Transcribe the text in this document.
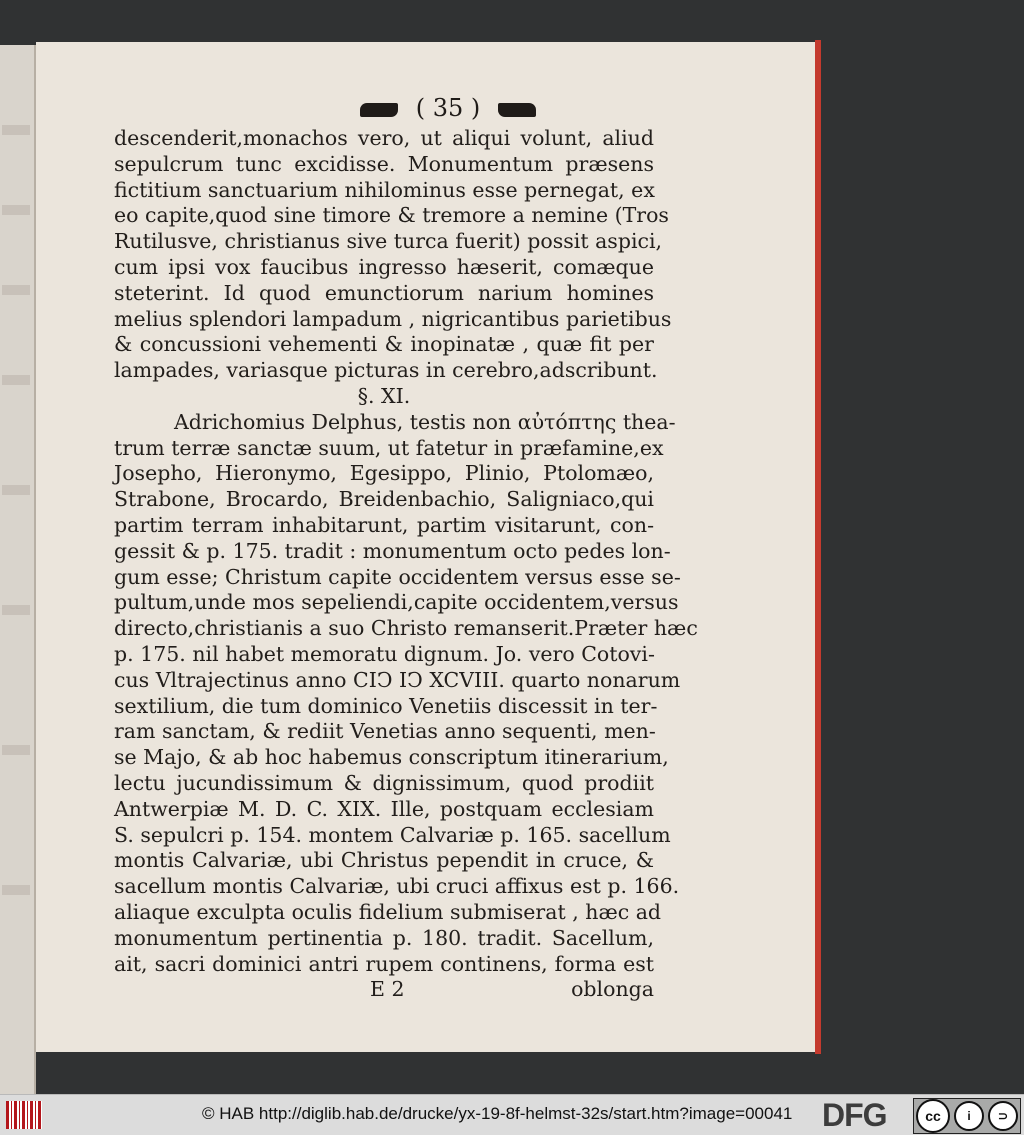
( 35 )
descenderit,monachos vero, ut aliqui volunt, aliud
sepulcrum tunc excidisse. Monumentum præsens
fictitium sanctuarium nihilominus esse pernegat, ex
eo capite,quod sine timore & tremore a nemine (Tros
Rutilusve, christianus sive turca fuerit) possit aspici,
cum ipsi vox faucibus ingresso hæserit, comæque
steterint. Id quod emunctiorum narium homines
melius splendori lampadum , nigricantibus parietibus
& concussioni vehementi & inopinatæ , quæ fit per
lampades, variasque picturas in cerebro,adscribunt.
§. XI.
Adrichomius Delphus, testis non αὐτόπτης thea-
trum terræ sanctæ suum, ut fatetur in præfamine,ex
Josepho, Hieronymo, Egesippo, Plinio, Ptolomæo,
Strabone, Brocardo, Breidenbachio, Saligniaco,qui
partim terram inhabitarunt, partim visitarunt, con-
gessit & p. 175. tradit : monumentum octo pedes lon-
gum esse; Christum capite occidentem versus esse se-
pultum,unde mos sepeliendi,capite occidentem,versus
directo,christianis a suo Christo remanserit.Præter hæc
p. 175. nil habet memoratu dignum. Jo. vero Cotovi-
cus Vltrajectinus anno CIↃ IↃ XCVIII. quarto nonarum
sextilium, die tum dominico Venetiis discessit in ter-
ram sanctam, & rediit Venetias anno sequenti, men-
se Majo, & ab hoc habemus conscriptum itinerarium,
lectu jucundissimum & dignissimum, quod prodiit
Antwerpiæ M. D. C. XIX. Ille, postquam ecclesiam
S. sepulcri p. 154. montem Calvariæ p. 165. sacellum
montis Calvariæ, ubi Christus pependit in cruce, &
sacellum montis Calvariæ, ubi cruci affixus est p. 166.
aliaque exculpta oculis fidelium submiserat , hæc ad
monumentum pertinentia p. 180. tradit. Sacellum,
ait, sacri dominici antri rupem continens, forma est
E 2	oblonga
© HAB http://diglib.hab.de/drucke/yx-19-8f-helmst-32s/start.htm?image=00041 DFG	cc	i	⊃
